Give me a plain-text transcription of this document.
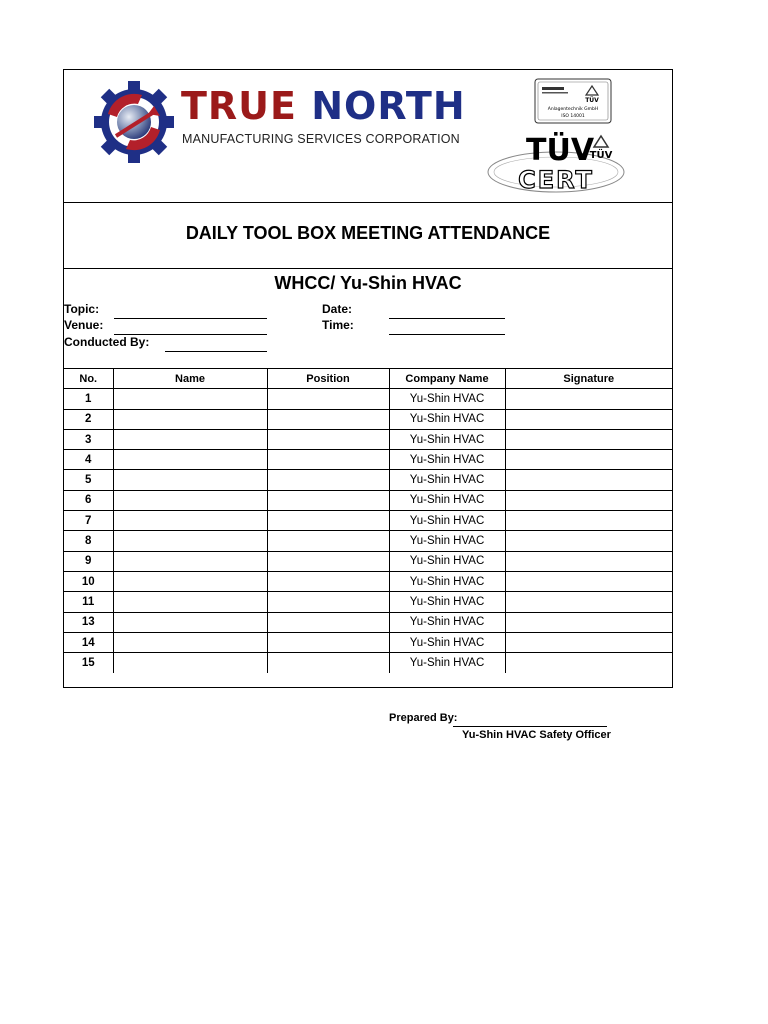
TRUE NORTH
MANUFACTURING SERVICES CORPORATION
TÜV
Anlagentechnik GmbH
ISO 14001
TÜV
TÜV
CERT
DAILY TOOL BOX MEETING ATTENDANCE
WHCC/ Yu-Shin HVAC
Topic:
Venue:
Conducted By:
Date:
Time:
No.	Name	Position	Company Name	Signature
1			Yu-Shin HVAC	
2			Yu-Shin HVAC	
3			Yu-Shin HVAC	
4			Yu-Shin HVAC	
5			Yu-Shin HVAC	
6			Yu-Shin HVAC	
7			Yu-Shin HVAC	
8			Yu-Shin HVAC	
9			Yu-Shin HVAC	
10			Yu-Shin HVAC	
11			Yu-Shin HVAC	
13			Yu-Shin HVAC	
14			Yu-Shin HVAC	
15			Yu-Shin HVAC	
Prepared By:
Yu-Shin HVAC Safety Officer
